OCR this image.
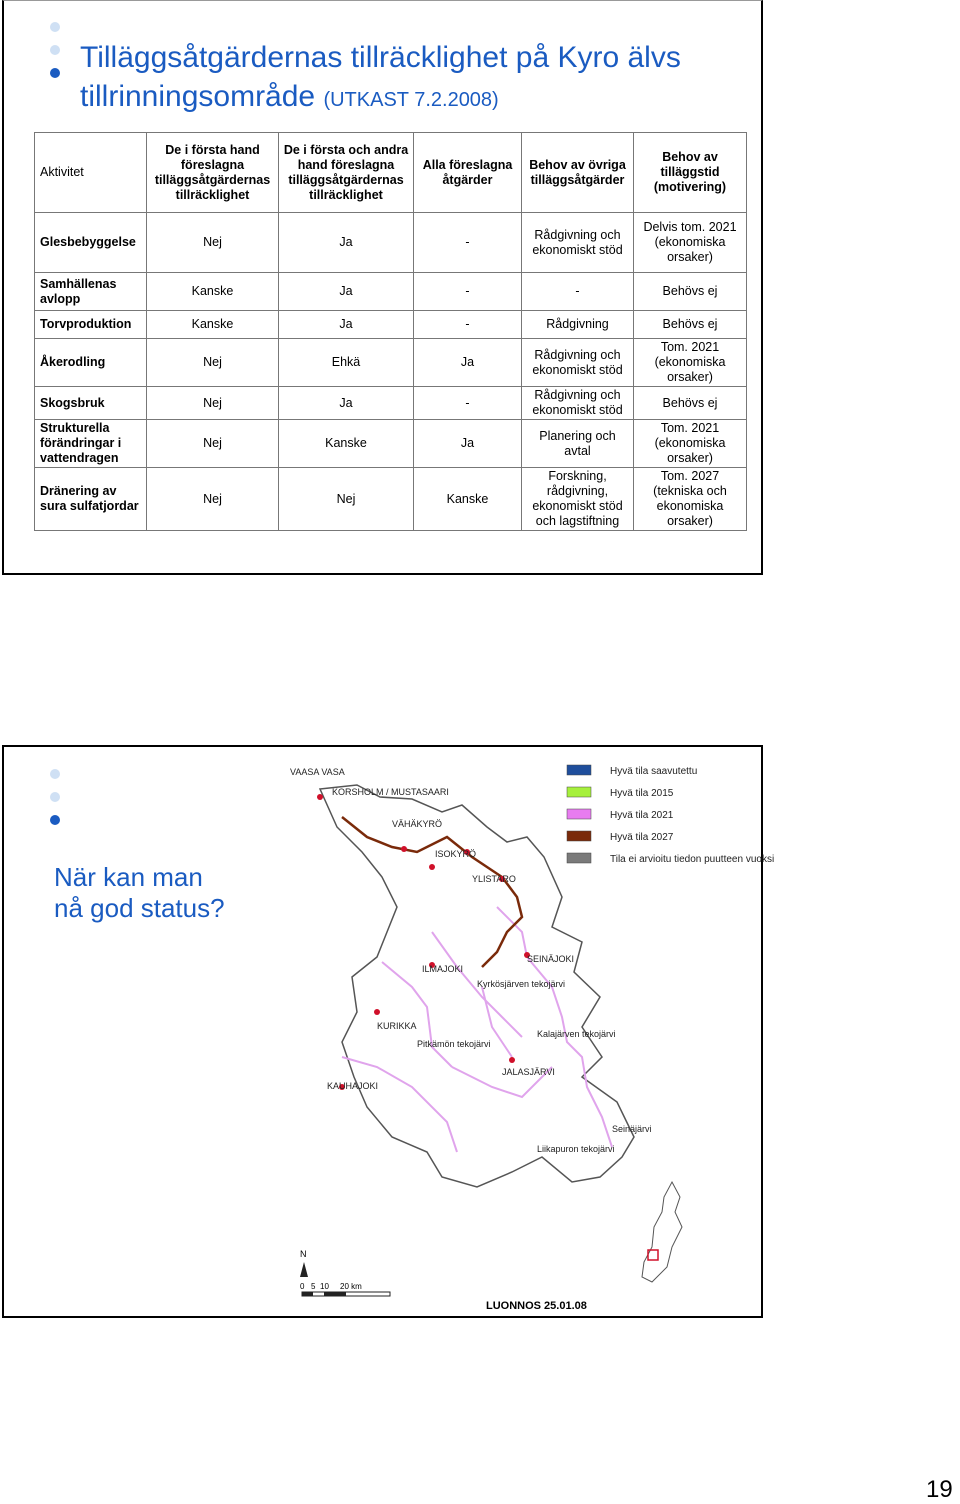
Tilläggsåtgärdernas tillräcklighet på Kyro älvs tillrinningsområde (UTKAST 7.2.2008)
Aktivitet	De i första hand föreslagna tilläggsåtgärdernas tillräcklighet	De i första och andra hand föreslagna tilläggsåtgärdernas tillräcklighet	Alla föreslagna åtgärder	Behov av övriga tilläggsåtgärder	Behov av tilläggstid (motivering)
Glesbebyggelse	Nej	Ja	-	Rådgivning och ekonomiskt stöd	Delvis tom. 2021 (ekonomiska orsaker)
Samhällenas avlopp	Kanske	Ja	-	-	Behövs ej
Torvproduktion	Kanske	Ja	-	Rådgivning	Behövs ej
Åkerodling	Nej	Ehkä	Ja	Rådgivning och ekonomiskt stöd	Tom. 2021 (ekonomiska orsaker)
Skogsbruk	Nej	Ja	-	Rådgivning och ekonomiskt stöd	Behövs ej
Strukturella förändringar i vattendragen	Nej	Kanske	Ja	Planering och avtal	Tom. 2021 (ekonomiska orsaker)
Dränering av sura sulfatjordar	Nej	Nej	Kanske	Forskning, rådgivning, ekonomiskt stöd och lagstiftning	Tom. 2027 (tekniska och ekonomiska orsaker)
När kan man
nå god status?
VAASA VASA
KORSHOLM / MUSTASAARI
VÄHÄKYRÖ
ISOKYRÖ
YLISTARO
SEINÄJOKI
ILMAJOKI
Kyrkösjärven tekojärvi
KURIKKA
Kalajärven tekojärvi
Pitkämön tekojärvi
JALASJÄRVI
KAUHAJOKI
Seinäjärvi
Liikapuron tekojärvi
Hyvä tila saavutettu
Hyvä tila 2015
Hyvä tila 2021
Hyvä tila 2027
Tila ei arvioitu tiedon puutteen vuoksi
N
0 5 10 20 km
LUONNOS 25.01.08
19
